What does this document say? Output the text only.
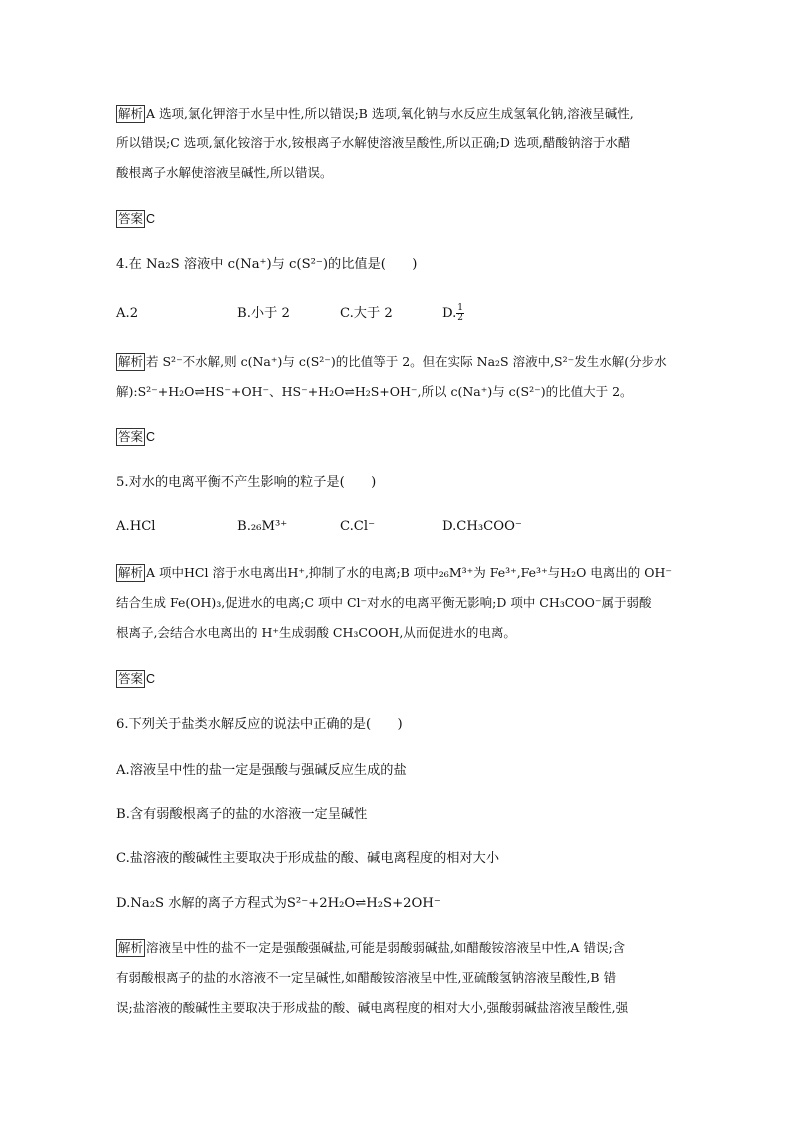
解析 A 选项,氯化钾溶于水呈中性,所以错误;B 选项,氧化钠与水反应生成氢氧化钠,溶液呈碱性,
所以错误;C 选项,氯化铵溶于水,铵根离子水解使溶液呈酸性,所以正确;D 选项,醋酸钠溶于水醋
酸根离子水解使溶液呈碱性,所以错误。
答案 C
4.在 Na₂S 溶液中 c(Na⁺)与 c(S²⁻)的比值是(　　)
A.2	B.小于 2	C.大于 2	D. $\frac{1}{2}$
解析 若 S²⁻不水解,则 c(Na⁺)与 c(S²⁻)的比值等于 2。但在实际 Na₂S 溶液中,S²⁻发生水解(分步水
解):S²⁻+H₂O⇌HS⁻+OH⁻、HS⁻+H₂O⇌H₂S+OH⁻,所以 c(Na⁺)与 c(S²⁻)的比值大于 2。
答案 C
5.对水的电离平衡不产生影响的粒子是(　　)
A.HCl	B.₂₆M³⁺	C.Cl⁻	D.CH₃COO⁻
解析 A 项中HCl 溶于水电离出H⁺,抑制了水的电离;B 项中₂₆M³⁺为 Fe³⁺,Fe³⁺与H₂O 电离出的 OH⁻
结合生成 Fe(OH)₃,促进水的电离;C 项中 Cl⁻对水的电离平衡无影响;D 项中 CH₃COO⁻属于弱酸
根离子,会结合水电离出的 H⁺生成弱酸 CH₃COOH,从而促进水的电离。
答案 C
6.下列关于盐类水解反应的说法中正确的是(　　)
A.溶液呈中性的盐一定是强酸与强碱反应生成的盐
B.含有弱酸根离子的盐的水溶液一定呈碱性
C.盐溶液的酸碱性主要取决于形成盐的酸、碱电离程度的相对大小
D.Na₂S 水解的离子方程式为S²⁻+2H₂O⇌H₂S+2OH⁻
解析 溶液呈中性的盐不一定是强酸强碱盐,可能是弱酸弱碱盐,如醋酸铵溶液呈中性,A 错误;含
有弱酸根离子的盐的水溶液不一定呈碱性,如醋酸铵溶液呈中性,亚硫酸氢钠溶液呈酸性,B 错
误;盐溶液的酸碱性主要取决于形成盐的酸、碱电离程度的相对大小,强酸弱碱盐溶液呈酸性,强
